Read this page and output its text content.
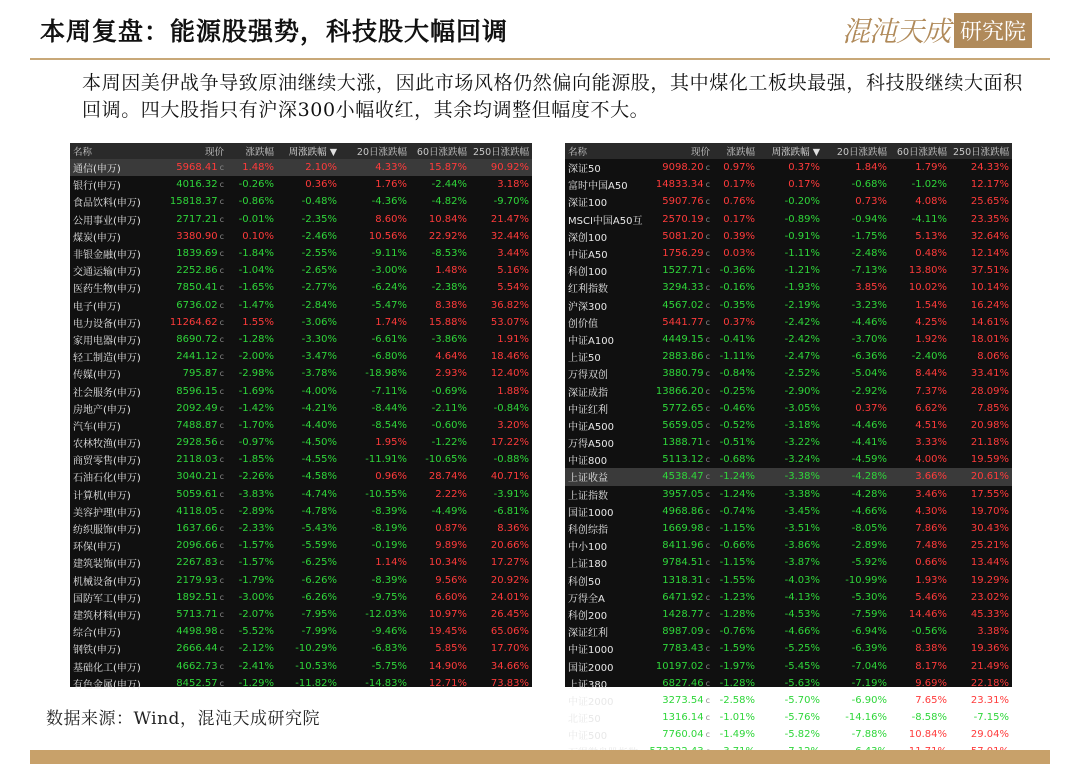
本周复盘：能源股强势，科技股大幅回调	混沌天成 研究院
本周因美伊战争导致原油继续大涨，因此市场风格仍然偏向能源股，其中煤化工板块最强，科技股继续大面积回调。四大股指只有沪深300小幅收红，其余均调整但幅度不大。
名称	现价	涨跌幅	周涨跌幅 ▼	20日涨跌幅	60日涨跌幅	250日涨跌幅
通信(申万)	5968.41 c	1.48%	2.10%	4.33%	15.87%	90.92%
银行(申万)	4016.32 c	-0.26%	0.36%	1.76%	-2.44%	3.18%
食品饮料(申万)	15818.37 c	-0.86%	-0.48%	-4.36%	-4.82%	-9.70%
公用事业(申万)	2717.21 c	-0.01%	-2.35%	8.60%	10.84%	21.47%
煤炭(申万)	3380.90 c	0.10%	-2.46%	10.56%	22.92%	32.44%
非银金融(申万)	1839.69 c	-1.84%	-2.55%	-9.11%	-8.53%	3.44%
交通运输(申万)	2252.86 c	-1.04%	-2.65%	-3.00%	1.48%	5.16%
医药生物(申万)	7850.41 c	-1.65%	-2.77%	-6.24%	-2.38%	5.54%
电子(申万)	6736.02 c	-1.47%	-2.84%	-5.47%	8.38%	36.82%
电力设备(申万)	11264.62 c	1.55%	-3.06%	1.74%	15.88%	53.07%
家用电器(申万)	8690.72 c	-1.28%	-3.30%	-6.61%	-3.86%	1.91%
轻工制造(申万)	2441.12 c	-2.00%	-3.47%	-6.80%	4.64%	18.46%
传媒(申万)	795.87 c	-2.98%	-3.78%	-18.98%	2.93%	12.40%
社会服务(申万)	8596.15 c	-1.69%	-4.00%	-7.11%	-0.69%	1.88%
房地产(申万)	2092.49 c	-1.42%	-4.21%	-8.44%	-2.11%	-0.84%
汽车(申万)	7488.87 c	-1.70%	-4.40%	-8.54%	-0.60%	3.20%
农林牧渔(申万)	2928.56 c	-0.97%	-4.50%	1.95%	-1.22%	17.22%
商贸零售(申万)	2118.03 c	-1.85%	-4.55%	-11.91%	-10.65%	-0.88%
石油石化(申万)	3040.21 c	-2.26%	-4.58%	0.96%	28.74%	40.71%
计算机(申万)	5059.61 c	-3.83%	-4.74%	-10.55%	2.22%	-3.91%
美容护理(申万)	4118.05 c	-2.89%	-4.78%	-8.39%	-4.49%	-6.81%
纺织服饰(申万)	1637.66 c	-2.33%	-5.43%	-8.19%	0.87%	8.36%
环保(申万)	2096.66 c	-1.57%	-5.59%	-0.19%	9.89%	20.66%
建筑装饰(申万)	2267.83 c	-1.57%	-6.25%	1.14%	10.34%	17.27%
机械设备(申万)	2179.93 c	-1.79%	-6.26%	-8.39%	9.56%	20.92%
国防军工(申万)	1892.51 c	-3.00%	-6.26%	-9.75%	6.60%	24.01%
建筑材料(申万)	5713.71 c	-2.07%	-7.95%	-12.03%	10.97%	26.45%
综合(申万)	4498.98 c	-5.52%	-7.99%	-9.46%	19.45%	65.06%
钢铁(申万)	2666.44 c	-2.12%	-10.29%	-6.83%	5.85%	17.70%
基础化工(申万)	4662.73 c	-2.41%	-10.53%	-5.75%	14.90%	34.66%
有色金属(申万)	8452.57 c	-1.29%	-11.82%	-14.83%	12.71%	73.83%
名称	现价	涨跌幅	周涨跌幅 ▼	20日涨跌幅	60日涨跌幅	250日涨跌幅
深证50	9098.20 c	0.97%	0.37%	1.84%	1.79%	24.33%
富时中国A50	14833.34 c	0.17%	0.17%	-0.68%	-1.02%	12.17%
深证100	5907.76 c	0.76%	-0.20%	0.73%	4.08%	25.65%
MSCI中国A50互	2570.19 c	0.17%	-0.89%	-0.94%	-4.11%	23.35%
深创100	5081.20 c	0.39%	-0.91%	-1.75%	5.13%	32.64%
中证A50	1756.29 c	0.03%	-1.11%	-2.48%	0.48%	12.14%
科创100	1527.71 c	-0.36%	-1.21%	-7.13%	13.80%	37.51%
红利指数	3294.33 c	-0.16%	-1.93%	3.85%	10.02%	10.14%
沪深300	4567.02 c	-0.35%	-2.19%	-3.23%	1.54%	16.24%
创价值	5441.77 c	0.37%	-2.42%	-4.46%	4.25%	14.61%
中证A100	4449.15 c	-0.41%	-2.42%	-3.70%	1.92%	18.01%
上证50	2883.86 c	-1.11%	-2.47%	-6.36%	-2.40%	8.06%
万得双创	3880.79 c	-0.84%	-2.52%	-5.04%	8.44%	33.41%
深证成指	13866.20 c	-0.25%	-2.90%	-2.92%	7.37%	28.09%
中证红利	5772.65 c	-0.46%	-3.05%	0.37%	6.62%	7.85%
中证A500	5659.05 c	-0.52%	-3.18%	-4.46%	4.51%	20.98%
万得A500	1388.71 c	-0.51%	-3.22%	-4.41%	3.33%	21.18%
中证800	5113.12 c	-0.68%	-3.24%	-4.59%	4.00%	19.59%
上证收益	4538.47 c	-1.24%	-3.38%	-4.28%	3.66%	20.61%
上证指数	3957.05 c	-1.24%	-3.38%	-4.28%	3.46%	17.55%
国证1000	4968.86 c	-0.74%	-3.45%	-4.66%	4.30%	19.70%
科创综指	1669.98 c	-1.15%	-3.51%	-8.05%	7.86%	30.43%
中小100	8411.96 c	-0.66%	-3.86%	-2.89%	7.48%	25.21%
上证180	9784.51 c	-1.15%	-3.87%	-5.92%	0.66%	13.44%
科创50	1318.31 c	-1.55%	-4.03%	-10.99%	1.93%	19.29%
万得全A	6471.92 c	-1.23%	-4.13%	-5.30%	5.46%	23.02%
科创200	1428.77 c	-1.28%	-4.53%	-7.59%	14.46%	45.33%
深证红利	8987.09 c	-0.76%	-4.66%	-6.94%	-0.56%	3.38%
中证1000	7783.43 c	-1.59%	-5.25%	-6.39%	8.38%	19.36%
国证2000	10197.02 c	-1.97%	-5.45%	-7.04%	8.17%	21.49%
上证380	6827.46 c	-1.28%	-5.63%	-7.19%	9.69%	22.18%
中证2000	3273.54 c	-2.58%	-5.70%	-6.90%	7.65%	23.31%
北证50	1316.14 c	-1.01%	-5.76%	-14.16%	-8.58%	-7.15%
中证500	7760.04 c	-1.49%	-5.82%	-7.88%	10.84%	29.04%

数据来源：Wind，混沌天成研究院
